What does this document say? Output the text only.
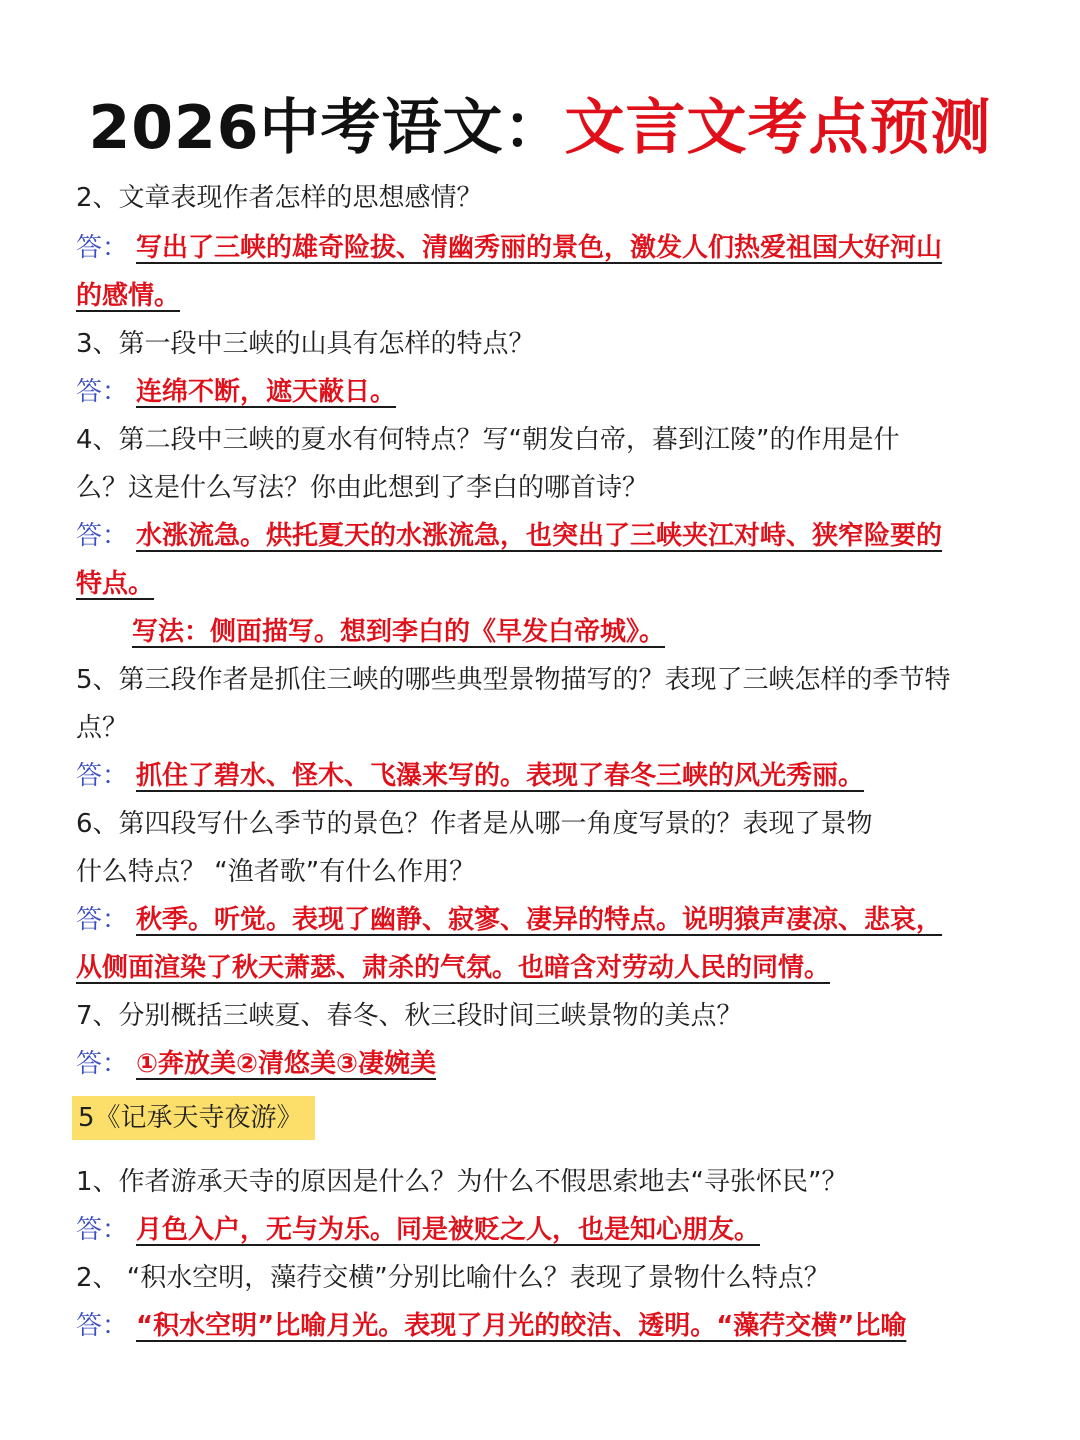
2026中考语文：文言文考点预测
2、文章表现作者怎样的思想感情？
答： 写出了三峡的雄奇险拔、清幽秀丽的景色，激发人们热爱祖国大好河山
的感情。
3、第一段中三峡的山具有怎样的特点？
答： 连绵不断，遮天蔽日。
4、第二段中三峡的夏水有何特点？写“朝发白帝，暮到江陵”的作用是什
么？这是什么写法？你由此想到了李白的哪首诗？
答： 水涨流急。烘托夏天的水涨流急，也突出了三峡夹江对峙、狭窄险要的
特点。
写法：侧面描写。想到李白的《早发白帝城》。
5、第三段作者是抓住三峡的哪些典型景物描写的？表现了三峡怎样的季节特
点？
答： 抓住了碧水、怪木、飞瀑来写的。表现了春冬三峡的风光秀丽。
6、第四段写什么季节的景色？作者是从哪一角度写景的？表现了景物
什么特点？ “渔者歌”有什么作用？
答： 秋季。听觉。表现了幽静、寂寥、凄异的特点。说明猿声凄凉、悲哀，
从侧面渲染了秋天萧瑟、肃杀的气氛。也暗含对劳动人民的同情。
7、分别概括三峡夏、春冬、秋三段时间三峡景物的美点？
答： ①奔放美②清悠美③凄婉美
5《记承天寺夜游》
1、作者游承天寺的原因是什么？为什么不假思索地去“寻张怀民”？
答： 月色入户，无与为乐。同是被贬之人，也是知心朋友。
2、 “积水空明，藻荇交横”分别比喻什么？表现了景物什么特点？
答： “积水空明”比喻月光。表现了月光的皎洁、透明。“藻荇交横”比喻
